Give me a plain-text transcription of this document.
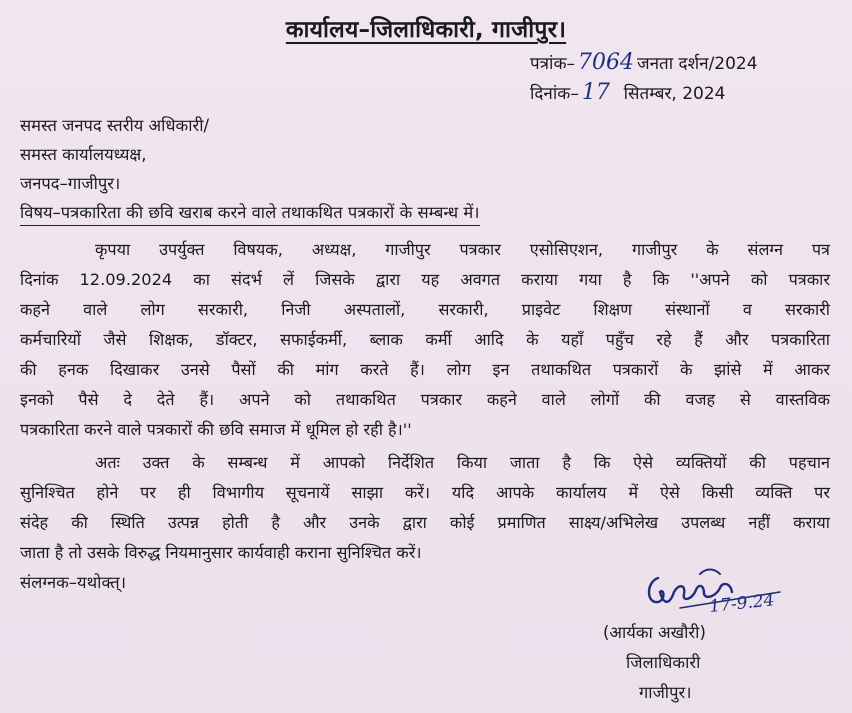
कार्यालय–जिलाधिकारी, गाजीपुर।
पत्रांक– 7064 जनता दर्शन/2024
दिनांक– 17 सितम्बर, 2024
समस्त जनपद स्तरीय अधिकारी/
समस्त कार्यालयध्यक्ष,
जनपद–गाजीपुर।
विषय–पत्रकारिता की छवि खराब करने वाले तथाकथित पत्रकारों के सम्बन्ध में।
कृपया उपर्युक्त विषयक, अध्यक्ष, गाजीपुर पत्रकार एसोसिएशन, गाजीपुर के संलग्न पत्र
दिनांक 12.09.2024 का संदर्भ लें जिसके द्वारा यह अवगत कराया गया है कि ''अपने को पत्रकार
कहने वाले लोग सरकारी, निजी अस्पतालों, सरकारी, प्राइवेट शिक्षण संस्थानों व सरकारी
कर्मचारियों जैसे शिक्षक, डॉक्टर, सफाईकर्मी, ब्लाक कर्मी आदि के यहाँ पहुँच रहे हैं और पत्रकारिता
की हनक दिखाकर उनसे पैसों की मांग करते हैं। लोग इन तथाकथित पत्रकारों के झांसे में आकर
इनको पैसे दे देते हैं। अपने को तथाकथित पत्रकार कहने वाले लोगों की वजह से वास्तविक
पत्रकारिता करने वाले पत्रकारों की छवि समाज में धूमिल हो रही है।''
अतः उक्त के सम्बन्ध में आपको निर्देशित किया जाता है कि ऐसे व्यक्तियों की पहचान
सुनिश्चित होने पर ही विभागीय सूचनायें साझा करें। यदि आपके कार्यालय में ऐसे किसी व्यक्ति पर
संदेह की स्थिति उत्पन्न होती है और उनके द्वारा कोई प्रमाणित साक्ष्य/अभिलेख उपलब्ध नहीं कराया
जाता है तो उसके विरुद्ध नियमानुसार कार्यवाही कराना सुनिश्चित करें।
संलग्नक–यथोक्त्।
17-9.24
(आर्यका अखौरी)
जिलाधिकारी
गाजीपुर।
